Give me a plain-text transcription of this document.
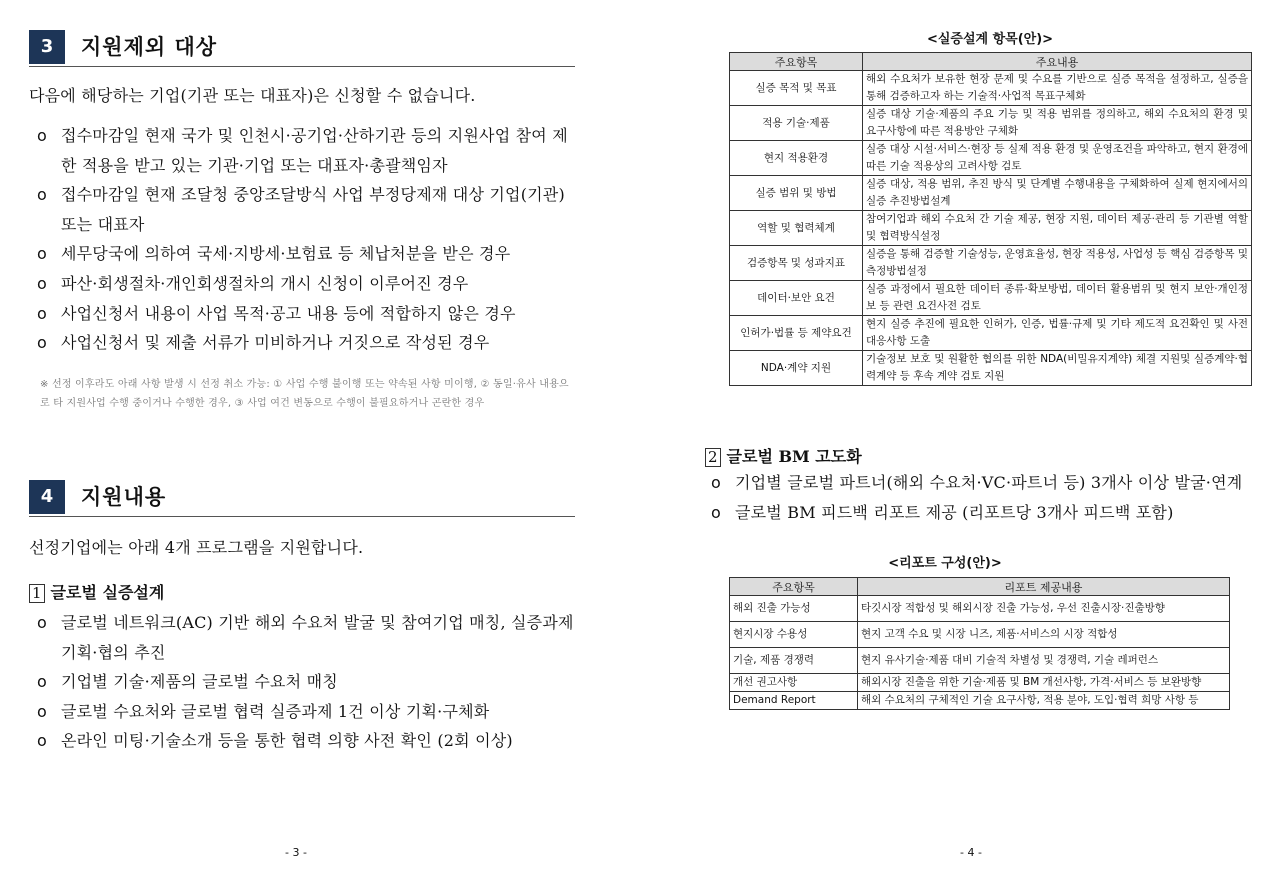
3	지원제외 대상
다음에 해당하는 기업(기관 또는 대표자)은 신청할 수 없습니다.
o 접수마감일 현재 국가 및 인천시·공기업·산하기관 등의 지원사업 참여 제한 적용을 받고 있는 기관·기업 또는 대표자·총괄책임자
o 접수마감일 현재 조달청 중앙조달방식 사업 부정당제재 대상 기업(기관) 또는 대표자
o 세무당국에 의하여 국세·지방세·보험료 등 체납처분을 받은 경우
o 파산·회생절차·개인회생절차의 개시 신청이 이루어진 경우
o 사업신청서 내용이 사업 목적·공고 내용 등에 적합하지 않은 경우
o 사업신청서 및 제출 서류가 미비하거나 거짓으로 작성된 경우
※ 선정 이후라도 아래 사항 발생 시 선정 취소 가능: ① 사업 수행 불이행 또는 약속된 사항 미이행, ② 동일·유사 내용으로 타 지원사업 수행 중이거나 수행한 경우, ③ 사업 여건 변동으로 수행이 불필요하거나 곤란한 경우
4	지원내용
선정기업에는 아래 4개 프로그램을 지원합니다.
1 글로벌 실증설계
o 글로벌 네트워크(AC) 기반 해외 수요처 발굴 및 참여기업 매칭, 실증과제 기획·협의 추진
o 기업별 기술·제품의 글로벌 수요처 매칭
o 글로벌 수요처와 글로벌 협력 실증과제 1건 이상 기획·구체화
o 온라인 미팅·기술소개 등을 통한 협력 의향 사전 확인 (2회 이상)
- 3 -
<실증설계 항목(안)>
주요항목	주요내용
실증 목적 및 목표	해외 수요처가 보유한 현장 문제 및 수요를 기반으로 실증 목적을 설정하고, 실증을 통해 검증하고자 하는 기술적·사업적 목표구체화
적용 기술·제품	실증 대상 기술·제품의 주요 기능 및 적용 범위를 정의하고, 해외 수요처의 환경 및 요구사항에 따른 적용방안 구체화
현지 적용환경	실증 대상 시설·서비스·현장 등 실제 적용 환경 및 운영조건을 파악하고, 현지 환경에 따른 기술 적용상의 고려사항 검토
실증 범위 및 방법	실증 대상, 적용 범위, 추진 방식 및 단계별 수행내용을 구체화하여 실제 현지에서의 실증 추진방법설계
역할 및 협력체계	참여기업과 해외 수요처 간 기술 제공, 현장 지원, 데이터 제공·관리 등 기관별 역할 및 협력방식설정
검증항목 및 성과지표	실증을 통해 검증할 기술성능, 운영효율성, 현장 적용성, 사업성 등 핵심 검증항목 및 측정방법설정
데이터·보안 요건	실증 과정에서 필요한 데이터 종류·확보방법, 데이터 활용범위 및 현지 보안·개인정보 등 관련 요건사전 검토
인허가·법률 등 제약요건	현지 실증 추진에 필요한 인허가, 인증, 법률·규제 및 기타 제도적 요건확인 및 사전 대응사항 도출
NDA·계약 지원	기술정보 보호 및 원활한 협의를 위한 NDA(비밀유지계약) 체결 지원및 실증계약·협력계약 등 후속 계약 검토 지원
2 글로벌 BM 고도화
o 기업별 글로벌 파트너(해외 수요처·VC·파트너 등) 3개사 이상 발굴·연계
o 글로벌 BM 피드백 리포트 제공 (리포트당 3개사 피드백 포함)
<리포트 구성(안)>
주요항목	리포트 제공내용
해외 진출 가능성	타깃시장 적합성 및 해외시장 진출 가능성, 우선 진출시장·진출방향
현지시장 수용성	현지 고객 수요 및 시장 니즈, 제품·서비스의 시장 적합성
기술, 제품 경쟁력	현지 유사기술·제품 대비 기술적 차별성 및 경쟁력, 기술 레퍼런스
개선 권고사항	해외시장 진출을 위한 기술·제품 및 BM 개선사항, 가격·서비스 등 보완방향
Demand Report	해외 수요처의 구체적인 기술 요구사항, 적용 분야, 도입·협력 희망 사항 등
- 4 -
